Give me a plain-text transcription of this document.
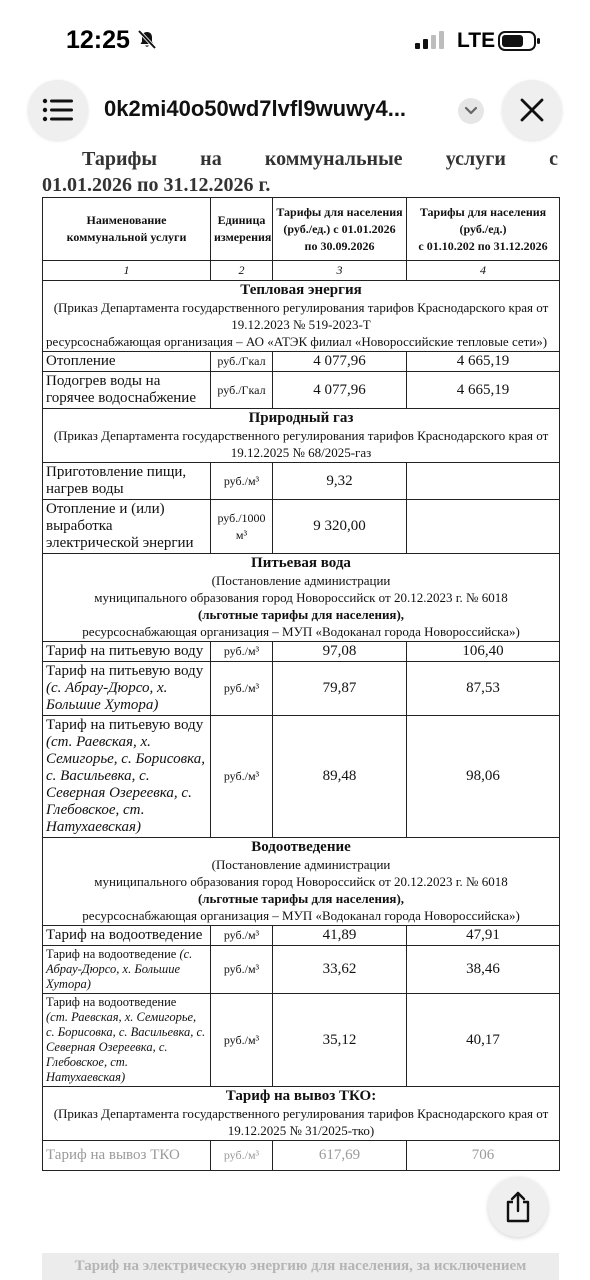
12:25	LTE
0k2mi40o50wd7lvfl9wuwy4...
Тарифы на коммунальные услуги с
01.01.2026 по 31.12.2026 г.
Наименование коммунальной услуги	Единица измерения	Тарифы для населения (руб./ед.) с 01.01.2026 по 30.09.2026	Тарифы для населения (руб./ед.)
с 01.10.202 по 31.12.2026
1	2	3	4

Тепловая энергия
(Приказ Департамента государственного регулирования тарифов Краснодарского края от 19.12.2023 № 519-2023-Т
ресурсоснабжающая организация – АО «АТЭК филиал «Новороссийские тепловые сети»)			

Отопление	руб./Гкал	4 077,96	4 665,19
Подогрев воды на горячее водоснабжение	руб./Гкал	4 077,96	4 665,19

Природный газ
(Приказ Департамента государственного регулирования тарифов Краснодарского края от 19.12.2025 № 68/2025-газ			

Приготовление пищи, нагрев воды	руб./м³	9,32	
Отопление и (или) выработка электрической энергии	руб./1000 м³	9 320,00	

Питьевая вода
(Постановление администрации
муниципального образования город Новороссийск от 20.12.2023 г. № 6018
(льготные тарифы для населения),
ресурсоснабжающая организация – МУП «Водоканал города Новороссийска»)			

Тариф на питьевую воду	руб./м³	97,08	106,40
Тариф на питьевую воду
(с. Абрау-Дюрсо, х. Большие Хутора)	руб./м³	79,87	87,53
Тариф на питьевую воду
(ст. Раевская, х. Семигорье, с. Борисовка, с. Васильевка, с. Северная Озереевка, с. Глебовское, ст. Натухаевская)	руб./м³	89,48	98,06

Водоотведение
(Постановление администрации
муниципального образования город Новороссийск от 20.12.2023 г. № 6018
(льготные тарифы для населения),
ресурсоснабжающая организация – МУП «Водоканал города Новороссийска»)			

Тариф на водоотведение	руб./м³	41,89	47,91
Тариф на водоотведение (с. Абрау-Дюрсо, х. Большие Хутора)	руб./м³	33,62	38,46
Тариф на водоотведение
(ст. Раевская, х. Семигорье, с. Борисовка, с. Васильевка, с. Северная Озереевка, с. Глебовское, ст. Натухаевская)	руб./м³	35,12	40,17

Тариф на вывоз ТКО:
(Приказ Департамента государственного регулирования тарифов Краснодарского края от 19.12.2025 № 31/2025-тко)			

Тариф на вывоз ТКО	руб./м³	617,69	706
Тариф на электрическую энергию для населения, за исключением
